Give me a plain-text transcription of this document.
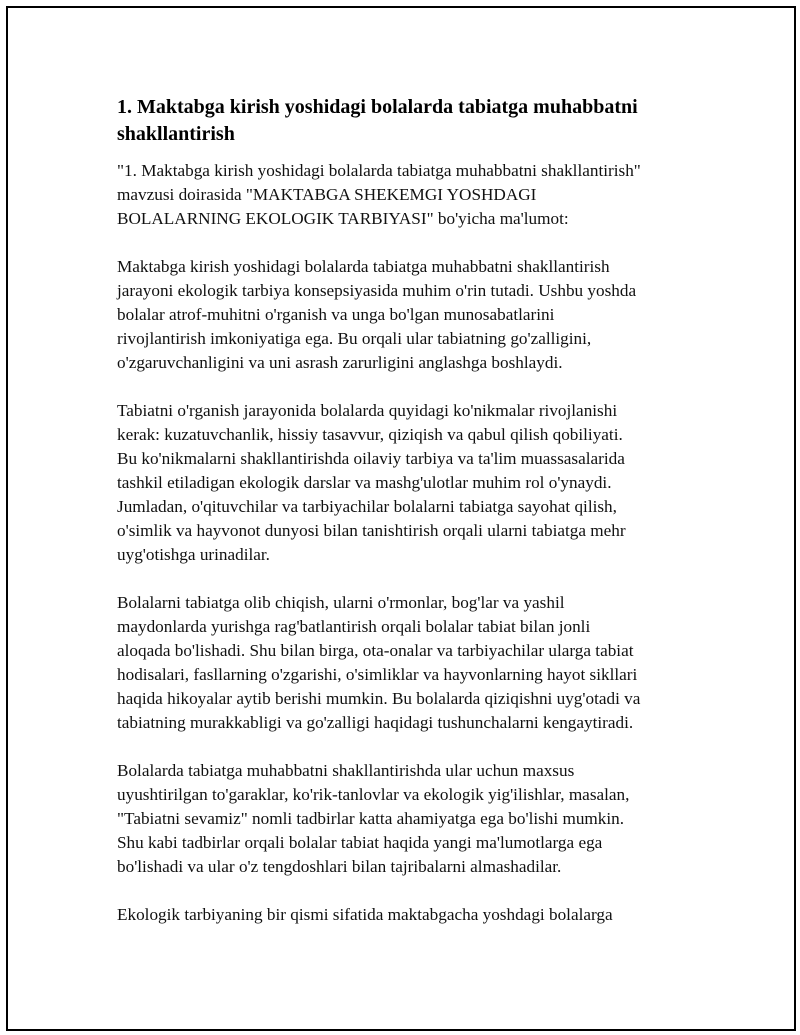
1. Maktabga kirish yoshidagi bolalarda tabiatga muhabbatni
shakllantirish
"1. Maktabga kirish yoshidagi bolalarda tabiatga muhabbatni shakllantirish"
mavzusi doirasida "MAKTABGA SHEKEMGI YOSHDAGI
BOLALARNING EKOLOGIK TARBIYASI" bo'yicha ma'lumot:
Maktabga kirish yoshidagi bolalarda tabiatga muhabbatni shakllantirish
jarayoni ekologik tarbiya konsepsiyasida muhim o'rin tutadi. Ushbu yoshda
bolalar atrof-muhitni o'rganish va unga bo'lgan munosabatlarini
rivojlantirish imkoniyatiga ega. Bu orqali ular tabiatning go'zalligini,
o'zgaruvchanligini va uni asrash zarurligini anglashga boshlaydi.
Tabiatni o'rganish jarayonida bolalarda quyidagi ko'nikmalar rivojlanishi
kerak: kuzatuvchanlik, hissiy tasavvur, qiziqish va qabul qilish qobiliyati.
Bu ko'nikmalarni shakllantirishda oilaviy tarbiya va ta'lim muassasalarida
tashkil etiladigan ekologik darslar va mashg'ulotlar muhim rol o'ynaydi.
Jumladan, o'qituvchilar va tarbiyachilar bolalarni tabiatga sayohat qilish,
o'simlik va hayvonot dunyosi bilan tanishtirish orqali ularni tabiatga mehr
uyg'otishga urinadilar.
Bolalarni tabiatga olib chiqish, ularni o'rmonlar, bog'lar va yashil
maydonlarda yurishga rag'batlantirish orqali bolalar tabiat bilan jonli
aloqada bo'lishadi. Shu bilan birga, ota-onalar va tarbiyachilar ularga tabiat
hodisalari, fasllarning o'zgarishi, o'simliklar va hayvonlarning hayot sikllari
haqida hikoyalar aytib berishi mumkin. Bu bolalarda qiziqishni uyg'otadi va
tabiatning murakkabligi va go'zalligi haqidagi tushunchalarni kengaytiradi.
Bolalarda tabiatga muhabbatni shakllantirishda ular uchun maxsus
uyushtirilgan to'garaklar, ko'rik-tanlovlar va ekologik yig'ilishlar, masalan,
"Tabiatni sevamiz" nomli tadbirlar katta ahamiyatga ega bo'lishi mumkin.
Shu kabi tadbirlar orqali bolalar tabiat haqida yangi ma'lumotlarga ega
bo'lishadi va ular o'z tengdoshlari bilan tajribalarni almashadilar.
Ekologik tarbiyaning bir qismi sifatida maktabgacha yoshdagi bolalarga
